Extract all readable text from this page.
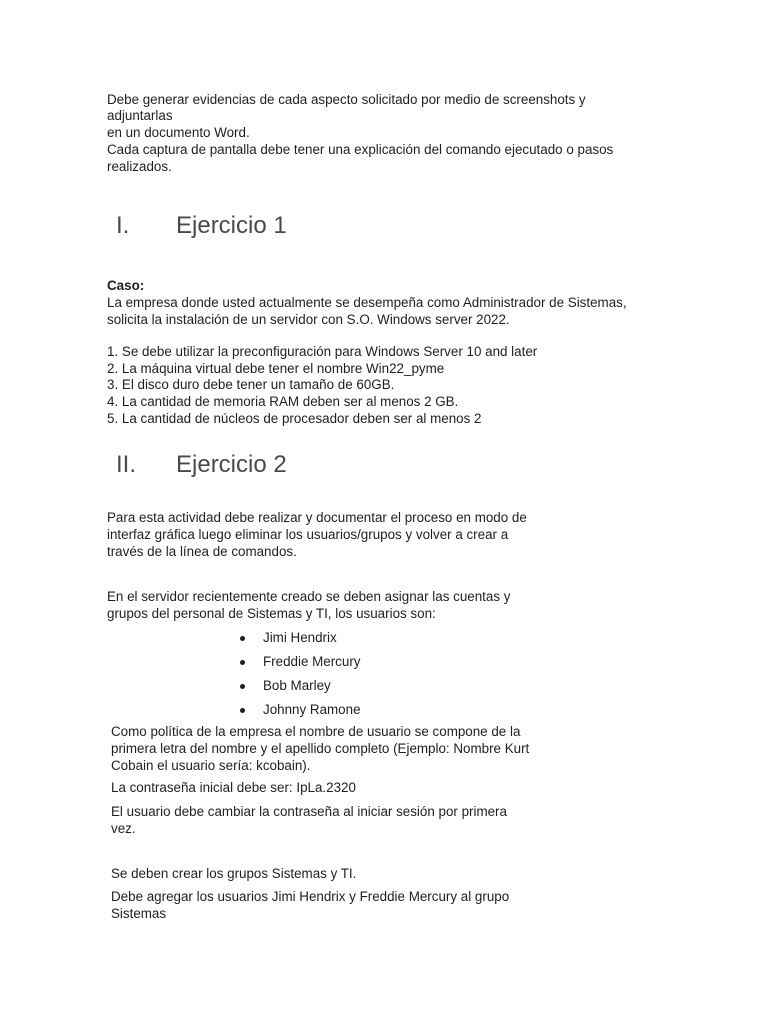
Debe generar evidencias de cada aspecto solicitado por medio de screenshots y
adjuntarlas
en un documento Word.
Cada captura de pantalla debe tener una explicación del comando ejecutado o pasos
realizados.
I. Ejercicio 1
Caso:
La empresa donde usted actualmente se desempeña como Administrador de Sistemas,
solicita la instalación de un servidor con S.O. Windows server 2022.
1. Se debe utilizar la preconfiguración para Windows Server 10 and later
2. La máquina virtual debe tener el nombre Win22_pyme
3. El disco duro debe tener un tamaño de 60GB.
4. La cantidad de memoria RAM deben ser al menos 2 GB.
5. La cantidad de núcleos de procesador deben ser al menos 2
II. Ejercicio 2
Para esta actividad debe realizar y documentar el proceso en modo de
interfaz gráfica luego eliminar los usuarios/grupos y volver a crear a
través de la línea de comandos.
En el servidor recientemente creado se deben asignar las cuentas y
grupos del personal de Sistemas y TI, los usuarios son:
Jimi Hendrix
Freddie Mercury
Bob Marley
Johnny Ramone
Como política de la empresa el nombre de usuario se compone de la
primera letra del nombre y el apellido completo (Ejemplo: Nombre Kurt
Cobain el usuario sería: kcobain).
La contraseña inicial debe ser: IpLa.2320
El usuario debe cambiar la contraseña al iniciar sesión por primera
vez.
Se deben crear los grupos Sistemas y TI.
Debe agregar los usuarios Jimi Hendrix y Freddie Mercury al grupo
Sistemas
